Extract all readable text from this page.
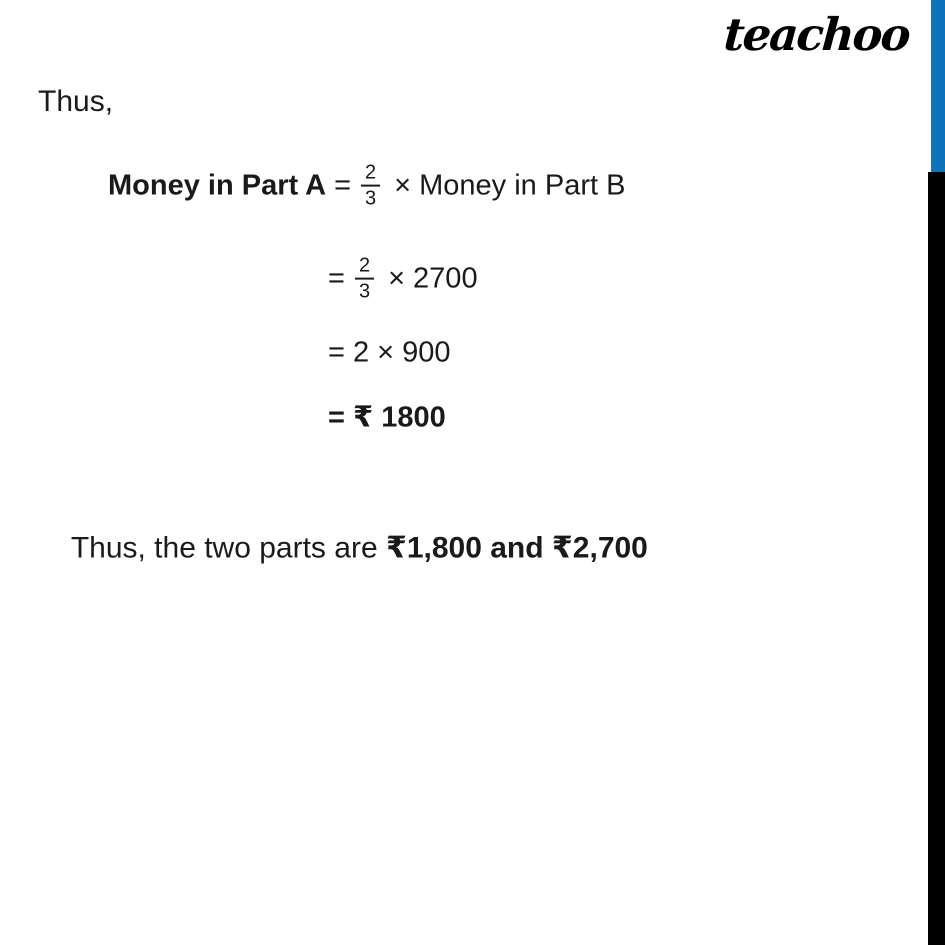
teachoo
Thus,
Money in Part $A = \frac{2}{3}$ × Money in Part B
= $\frac{2}{3} \times 2700$
= 2 × 900
= ₹ 1800

Thus, the two parts are ₹1,800 and ₹2,700
